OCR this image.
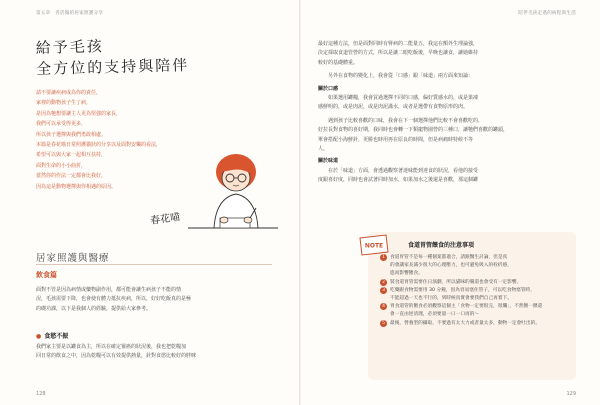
第五章　善活獨的居家照護分享
給予毛孩
全方位的支持與陪伴
請不要讓疾病成為你的責任，
家裡的動物孩子生了病，
是因為牠想要讓主人更為堅強的家長，
我們可以承受得更多，
所以孩子選擇與我們勇敢相處。
本篇是春花喵日常照護貓狀的分享以及面對安樂的看法，
希望可以與大家一起相互扶持，
面對生命的小小曲折，
當然你的作法一定都會比我好，
因為這是動物選擇與你相遇的原因。
春花喵
居家照護與醫療
飲食篇

面對不管是因為病情或藥物副作用，都可能會讓生病孩子不能的情

況，毛孩需要下降，也會使有體力抵抗疾病，所以，好好吃飯真的是極

的礎功課，以下是我個人的經驗，提供給大家參考。

● 食慾不振

我們家主要是以罐食為主，所以在確定罹癌的狀況後，我也把乾糧加

回日常的飲食之中，因為乾糧可以有效提供熱量，針對食慾比較好的胖咪

128
陪伴毛孩走過的病程與生活

最好這種方法，但是面對同時有腎病的二能量五，我這在額外生理論強，

決定採取食道管營的方式，所以是讓二眼吃飯後，早晚也讓食，讓她維持

較好的基礎體重。

　　另外在食物的變化上，我會從「口感」跟「味道」兩方面來知論：

關於口感

　　如果選用罐糧，我會買過選擇不同的口感，偏好質感水的，或是果凍

感鮮明的，或是肉泥，或是肉泥滿水，或者是選帶有食物原形的肉。

　　遇到孩子比較喜歡的口味，我會在下一個選擇他們比較不會喜歡吃的，

好拉長對食物的喜好期，我同時也會轉一下類寵物園營的三種口，讓牠們喜歡的罐頭，

單會搭配小海鮮針，更勝也時用再在原良的時間，但是病痛時特候不等

人。

關於味道

　　在於「味道」方面，會透過觀察著迷味能到達食的狀況，看他的接受

度跟喜好度，同時也會試著同時加水，如果加水之後還是喜歡，那這個罐

食道胃管餵食的注意事項
1 食道胃管不是每一種個案都適合，請跟醫生討論，但是真
的會讓家長減少很大的心理壓力，也可避免吸入的栓折感，
進而影響餵食。
2 裝食道胃管需要住日演劇，所以貓咪的腸道也會受有一定影響。
3 吃藥跟食物需要用 30 分鐘，因為容易塞住管子，可以吃食物塞管時，
不能超過一天也不行的，到時候真實會要我們自己再嘗下。
4 胃食道管的餵食必須觀察這個主「食物一定要很完，很爛」，不然餵一餵還
會一直由逆清理，必須要量一口一口再的～
5 最後，營養型的攝取，不要過有太大力或者量太多，動物一定會吐出的。
NOTE
129
